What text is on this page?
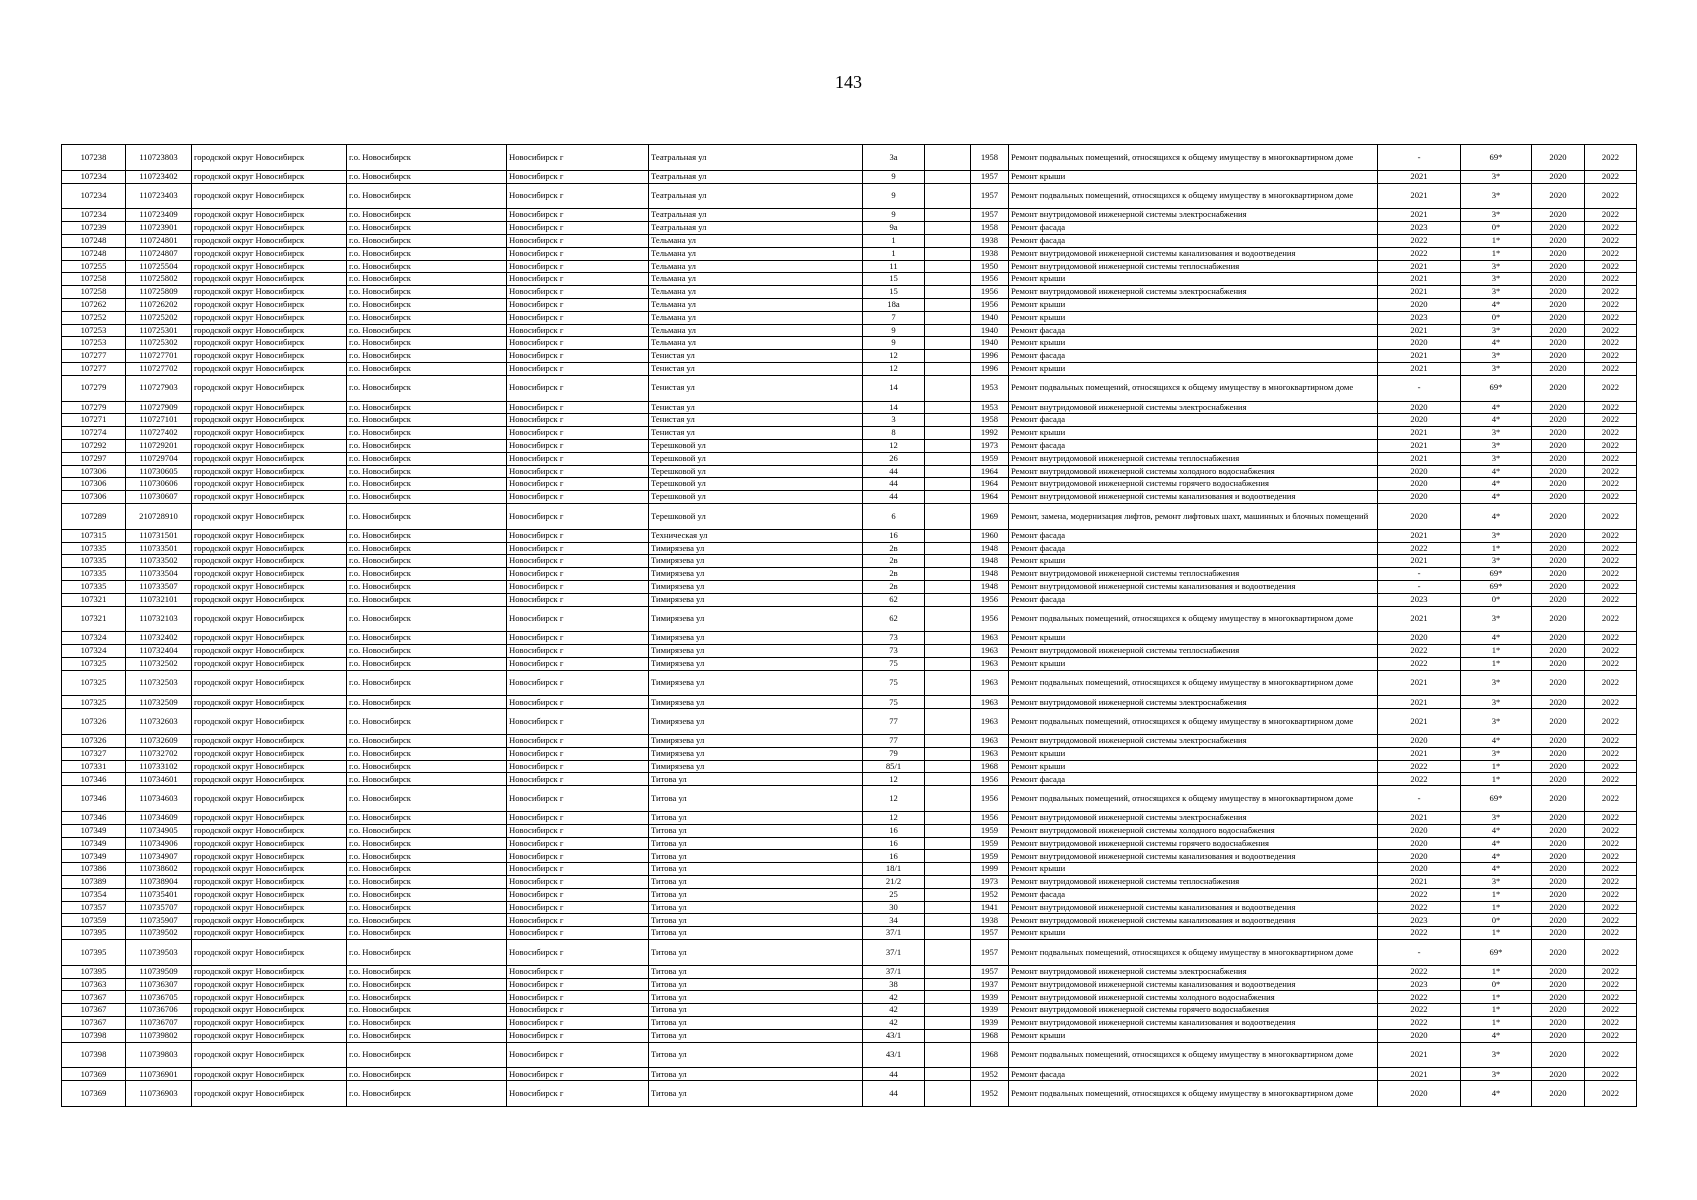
143
107238	110723803	городской округ Новосибирск	г.о. Новосибирск	Новосибирск г	Театральная ул	3а		1958	Ремонт подвальных помещений, относящихся к общему имуществу в многоквартирном доме	-	69*	2020	2022
107234	110723402	городской округ Новосибирск	г.о. Новосибирск	Новосибирск г	Театральная ул	9		1957	Ремонт крыши	2021	3*	2020	2022
107234	110723403	городской округ Новосибирск	г.о. Новосибирск	Новосибирск г	Театральная ул	9		1957	Ремонт подвальных помещений, относящихся к общему имуществу в многоквартирном доме	2021	3*	2020	2022
107234	110723409	городской округ Новосибирск	г.о. Новосибирск	Новосибирск г	Театральная ул	9		1957	Ремонт внутридомовой инженерной системы электроснабжения	2021	3*	2020	2022
107239	110723901	городской округ Новосибирск	г.о. Новосибирск	Новосибирск г	Театральная ул	9а		1958	Ремонт фасада	2023	0*	2020	2022
107248	110724801	городской округ Новосибирск	г.о. Новосибирск	Новосибирск г	Тельмана ул	1		1938	Ремонт фасада	2022	1*	2020	2022
107248	110724807	городской округ Новосибирск	г.о. Новосибирск	Новосибирск г	Тельмана ул	1		1938	Ремонт внутридомовой инженерной системы канализования и водоотведения	2022	1*	2020	2022
107255	110725504	городской округ Новосибирск	г.о. Новосибирск	Новосибирск г	Тельмана ул	11		1950	Ремонт внутридомовой инженерной системы теплоснабжения	2021	3*	2020	2022
107258	110725802	городской округ Новосибирск	г.о. Новосибирск	Новосибирск г	Тельмана ул	15		1956	Ремонт крыши	2021	3*	2020	2022
107258	110725809	городской округ Новосибирск	г.о. Новосибирск	Новосибирск г	Тельмана ул	15		1956	Ремонт внутридомовой инженерной системы электроснабжения	2021	3*	2020	2022
107262	110726202	городской округ Новосибирск	г.о. Новосибирск	Новосибирск г	Тельмана ул	18а		1956	Ремонт крыши	2020	4*	2020	2022
107252	110725202	городской округ Новосибирск	г.о. Новосибирск	Новосибирск г	Тельмана ул	7		1940	Ремонт крыши	2023	0*	2020	2022
107253	110725301	городской округ Новосибирск	г.о. Новосибирск	Новосибирск г	Тельмана ул	9		1940	Ремонт фасада	2021	3*	2020	2022
107253	110725302	городской округ Новосибирск	г.о. Новосибирск	Новосибирск г	Тельмана ул	9		1940	Ремонт крыши	2020	4*	2020	2022
107277	110727701	городской округ Новосибирск	г.о. Новосибирск	Новосибирск г	Тенистая ул	12		1996	Ремонт фасада	2021	3*	2020	2022
107277	110727702	городской округ Новосибирск	г.о. Новосибирск	Новосибирск г	Тенистая ул	12		1996	Ремонт крыши	2021	3*	2020	2022
107279	110727903	городской округ Новосибирск	г.о. Новосибирск	Новосибирск г	Тенистая ул	14		1953	Ремонт подвальных помещений, относящихся к общему имуществу в многоквартирном доме	-	69*	2020	2022
107279	110727909	городской округ Новосибирск	г.о. Новосибирск	Новосибирск г	Тенистая ул	14		1953	Ремонт внутридомовой инженерной системы электроснабжения	2020	4*	2020	2022
107271	110727101	городской округ Новосибирск	г.о. Новосибирск	Новосибирск г	Тенистая ул	3		1958	Ремонт фасада	2020	4*	2020	2022
107274	110727402	городской округ Новосибирск	г.о. Новосибирск	Новосибирск г	Тенистая ул	8		1992	Ремонт крыши	2021	3*	2020	2022
107292	110729201	городской округ Новосибирск	г.о. Новосибирск	Новосибирск г	Терешковой ул	12		1973	Ремонт фасада	2021	3*	2020	2022
107297	110729704	городской округ Новосибирск	г.о. Новосибирск	Новосибирск г	Терешковой ул	26		1959	Ремонт внутридомовой инженерной системы теплоснабжения	2021	3*	2020	2022
107306	110730605	городской округ Новосибирск	г.о. Новосибирск	Новосибирск г	Терешковой ул	44		1964	Ремонт внутридомовой инженерной системы холодного водоснабжения	2020	4*	2020	2022
107306	110730606	городской округ Новосибирск	г.о. Новосибирск	Новосибирск г	Терешковой ул	44		1964	Ремонт внутридомовой инженерной системы горячего водоснабжения	2020	4*	2020	2022
107306	110730607	городской округ Новосибирск	г.о. Новосибирск	Новосибирск г	Терешковой ул	44		1964	Ремонт внутридомовой инженерной системы канализования и водоотведения	2020	4*	2020	2022
107289	210728910	городской округ Новосибирск	г.о. Новосибирск	Новосибирск г	Терешковой ул	6		1969	Ремонт, замена, модернизация лифтов, ремонт лифтовых шахт, машинных и блочных помещений	2020	4*	2020	2022
107315	110731501	городской округ Новосибирск	г.о. Новосибирск	Новосибирск г	Техническая ул	16		1960	Ремонт фасада	2021	3*	2020	2022
107335	110733501	городской округ Новосибирск	г.о. Новосибирск	Новосибирск г	Тимирязева ул	2в		1948	Ремонт фасада	2022	1*	2020	2022
107335	110733502	городской округ Новосибирск	г.о. Новосибирск	Новосибирск г	Тимирязева ул	2в		1948	Ремонт крыши	2021	3*	2020	2022
107335	110733504	городской округ Новосибирск	г.о. Новосибирск	Новосибирск г	Тимирязева ул	2в		1948	Ремонт внутридомовой инженерной системы теплоснабжения	-	69*	2020	2022
107335	110733507	городской округ Новосибирск	г.о. Новосибирск	Новосибирск г	Тимирязева ул	2в		1948	Ремонт внутридомовой инженерной системы канализования и водоотведения	-	69*	2020	2022
107321	110732101	городской округ Новосибирск	г.о. Новосибирск	Новосибирск г	Тимирязева ул	62		1956	Ремонт фасада	2023	0*	2020	2022
107321	110732103	городской округ Новосибирск	г.о. Новосибирск	Новосибирск г	Тимирязева ул	62		1956	Ремонт подвальных помещений, относящихся к общему имуществу в многоквартирном доме	2021	3*	2020	2022
107324	110732402	городской округ Новосибирск	г.о. Новосибирск	Новосибирск г	Тимирязева ул	73		1963	Ремонт крыши	2020	4*	2020	2022
107324	110732404	городской округ Новосибирск	г.о. Новосибирск	Новосибирск г	Тимирязева ул	73		1963	Ремонт внутридомовой инженерной системы теплоснабжения	2022	1*	2020	2022
107325	110732502	городской округ Новосибирск	г.о. Новосибирск	Новосибирск г	Тимирязева ул	75		1963	Ремонт крыши	2022	1*	2020	2022
107325	110732503	городской округ Новосибирск	г.о. Новосибирск	Новосибирск г	Тимирязева ул	75		1963	Ремонт подвальных помещений, относящихся к общему имуществу в многоквартирном доме	2021	3*	2020	2022
107325	110732509	городской округ Новосибирск	г.о. Новосибирск	Новосибирск г	Тимирязева ул	75		1963	Ремонт внутридомовой инженерной системы электроснабжения	2021	3*	2020	2022
107326	110732603	городской округ Новосибирск	г.о. Новосибирск	Новосибирск г	Тимирязева ул	77		1963	Ремонт подвальных помещений, относящихся к общему имуществу в многоквартирном доме	2021	3*	2020	2022
107326	110732609	городской округ Новосибирск	г.о. Новосибирск	Новосибирск г	Тимирязева ул	77		1963	Ремонт внутридомовой инженерной системы электроснабжения	2020	4*	2020	2022
107327	110732702	городской округ Новосибирск	г.о. Новосибирск	Новосибирск г	Тимирязева ул	79		1963	Ремонт крыши	2021	3*	2020	2022
107331	110733102	городской округ Новосибирск	г.о. Новосибирск	Новосибирск г	Тимирязева ул	85/1		1968	Ремонт крыши	2022	1*	2020	2022
107346	110734601	городской округ Новосибирск	г.о. Новосибирск	Новосибирск г	Титова ул	12		1956	Ремонт фасада	2022	1*	2020	2022
107346	110734603	городской округ Новосибирск	г.о. Новосибирск	Новосибирск г	Титова ул	12		1956	Ремонт подвальных помещений, относящихся к общему имуществу в многоквартирном доме	-	69*	2020	2022
107346	110734609	городской округ Новосибирск	г.о. Новосибирск	Новосибирск г	Титова ул	12		1956	Ремонт внутридомовой инженерной системы электроснабжения	2021	3*	2020	2022
107349	110734905	городской округ Новосибирск	г.о. Новосибирск	Новосибирск г	Титова ул	16		1959	Ремонт внутридомовой инженерной системы холодного водоснабжения	2020	4*	2020	2022
107349	110734906	городской округ Новосибирск	г.о. Новосибирск	Новосибирск г	Титова ул	16		1959	Ремонт внутридомовой инженерной системы горячего водоснабжения	2020	4*	2020	2022
107349	110734907	городской округ Новосибирск	г.о. Новосибирск	Новосибирск г	Титова ул	16		1959	Ремонт внутридомовой инженерной системы канализования и водоотведения	2020	4*	2020	2022
107386	110738602	городской округ Новосибирск	г.о. Новосибирск	Новосибирск г	Титова ул	18/1		1999	Ремонт крыши	2020	4*	2020	2022
107389	110738904	городской округ Новосибирск	г.о. Новосибирск	Новосибирск г	Титова ул	21/2		1973	Ремонт внутридомовой инженерной системы теплоснабжения	2021	3*	2020	2022
107354	110735401	городской округ Новосибирск	г.о. Новосибирск	Новосибирск г	Титова ул	25		1952	Ремонт фасада	2022	1*	2020	2022
107357	110735707	городской округ Новосибирск	г.о. Новосибирск	Новосибирск г	Титова ул	30		1941	Ремонт внутридомовой инженерной системы канализования и водоотведения	2022	1*	2020	2022
107359	110735907	городской округ Новосибирск	г.о. Новосибирск	Новосибирск г	Титова ул	34		1938	Ремонт внутридомовой инженерной системы канализования и водоотведения	2023	0*	2020	2022
107395	110739502	городской округ Новосибирск	г.о. Новосибирск	Новосибирск г	Титова ул	37/1		1957	Ремонт крыши	2022	1*	2020	2022
107395	110739503	городской округ Новосибирск	г.о. Новосибирск	Новосибирск г	Титова ул	37/1		1957	Ремонт подвальных помещений, относящихся к общему имуществу в многоквартирном доме	-	69*	2020	2022
107395	110739509	городской округ Новосибирск	г.о. Новосибирск	Новосибирск г	Титова ул	37/1		1957	Ремонт внутридомовой инженерной системы электроснабжения	2022	1*	2020	2022
107363	110736307	городской округ Новосибирск	г.о. Новосибирск	Новосибирск г	Титова ул	38		1937	Ремонт внутридомовой инженерной системы канализования и водоотведения	2023	0*	2020	2022
107367	110736705	городской округ Новосибирск	г.о. Новосибирск	Новосибирск г	Титова ул	42		1939	Ремонт внутридомовой инженерной системы холодного водоснабжения	2022	1*	2020	2022
107367	110736706	городской округ Новосибирск	г.о. Новосибирск	Новосибирск г	Титова ул	42		1939	Ремонт внутридомовой инженерной системы горячего водоснабжения	2022	1*	2020	2022
107367	110736707	городской округ Новосибирск	г.о. Новосибирск	Новосибирск г	Титова ул	42		1939	Ремонт внутридомовой инженерной системы канализования и водоотведения	2022	1*	2020	2022
107398	110739802	городской округ Новосибирск	г.о. Новосибирск	Новосибирск г	Титова ул	43/1		1968	Ремонт крыши	2020	4*	2020	2022
107398	110739803	городской округ Новосибирск	г.о. Новосибирск	Новосибирск г	Титова ул	43/1		1968	Ремонт подвальных помещений, относящихся к общему имуществу в многоквартирном доме	2021	3*	2020	2022
107369	110736901	городской округ Новосибирск	г.о. Новосибирск	Новосибирск г	Титова ул	44		1952	Ремонт фасада	2021	3*	2020	2022
107369	110736903	городской округ Новосибирск	г.о. Новосибирск	Новосибирск г	Титова ул	44		1952	Ремонт подвальных помещений, относящихся к общему имуществу в многоквартирном доме	2020	4*	2020	2022
